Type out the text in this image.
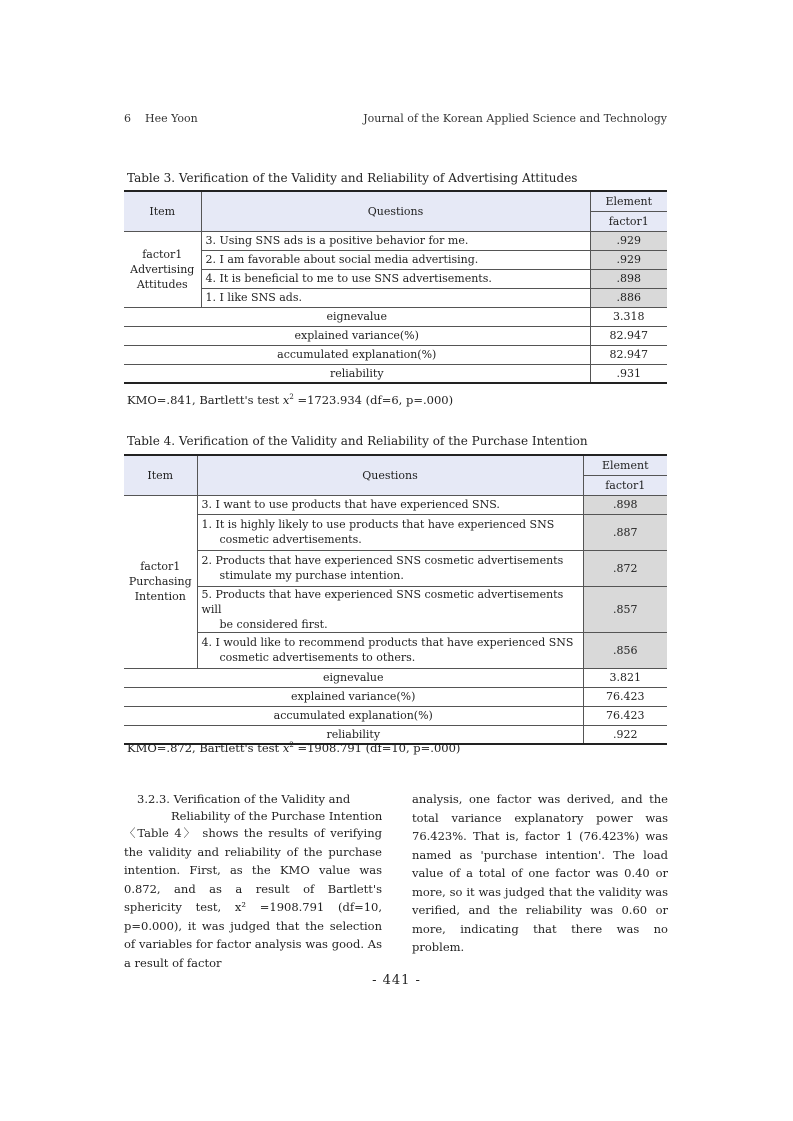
6 Hee Yoon	Journal of the Korean Applied Science and Technology
Table 3. Verification of the Validity and Reliability of Advertising Attitudes
Item	Questions	Element
		factor1

factor1
Advertising
Attitudes	3. Using SNS ads is a positive behavior for me.	.929
	2. I am favorable about social media advertising.	.929
	4. It is beneficial to me to use SNS advertisements.	.898
	1. I like SNS ads.	.886
eignevalue		3.318
explained variance(%)		82.947
accumulated explanation(%)		82.947
reliability		.931
KMO=.841, Bartlett's test $x^2 =1723.934$ (df=6, p=.000)
Table 4. Verification of the Validity and Reliability of the Purchase Intention
Item	Questions	Element
		factor1

factor1
Purchasing
Intention	3. I want to use products that have experienced SNS.	.898
	1. It is highly likely to use products that have experienced SNS
cosmetic advertisements.	.887
	2. Products that have experienced SNS cosmetic advertisements
stimulate my purchase intention.	.872
	5. Products that have experienced SNS cosmetic advertisements will
be considered first.	.857
	4. I would like to recommend products that have experienced SNS
cosmetic advertisements to others.	.856
eignevalue		3.821
explained variance(%)		76.423
accumulated explanation(%)		76.423
reliability		.922
KMO=.872, Bartlett's test $x^2 =1908.791$ (df=10, p=.000)
3.2.3. Verification of the Validity and
Reliability of the Purchase Intention
〈Table 4〉 shows the results of verifying the validity and reliability of the purchase intention. First, as the KMO value was 0.872, and as a result of Bartlett's sphericity test, x² =1908.791 (df=10, p=0.000), it was judged that the selection of variables for factor analysis was good. As a result of factor
analysis, one factor was derived, and the total variance explanatory power was 76.423%. That is, factor 1 (76.423%) was named as 'purchase intention'. The load value of a total of one factor was 0.40 or more, so it was judged that the validity was verified, and the reliability was 0.60 or more, indicating that there was no problem.
- 441 -
